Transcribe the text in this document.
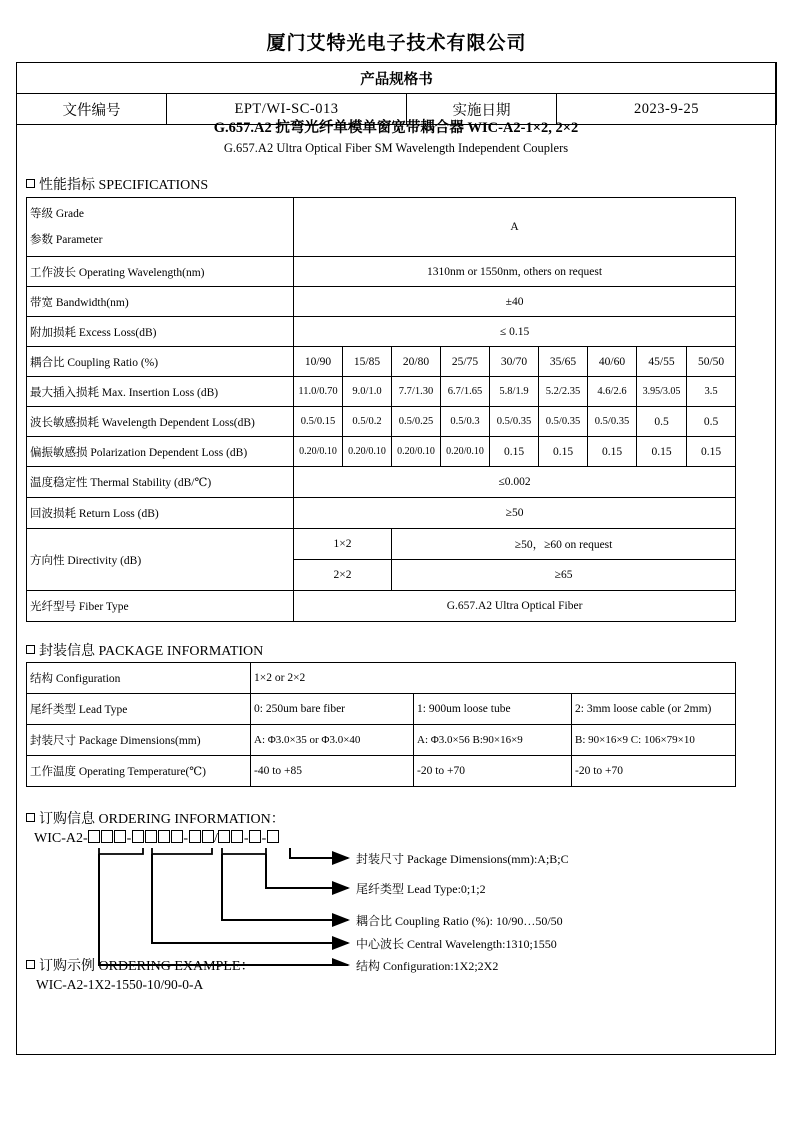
厦门艾特光电子技术有限公司
产品规格书
文件编号	EPT/WI-SC-013	实施日期	2023-9-25
G.657.A2 抗弯光纤单模单窗宽带耦合器 WIC-A2-1×2, 2×2
G.657.A2 Ultra Optical Fiber SM Wavelength Independent Couplers
性能指标 SPECIFICATIONS
等级 Grade
参数 Parameter	A								
工作波长 Operating Wavelength(nm)	1310nm or 1550nm, others on request								
带宽 Bandwidth(nm)	±40								
附加损耗 Excess Loss(dB)	≤ 0.15								
耦合比 Coupling Ratio (%)	10/90	15/85	20/80	25/75	30/70	35/65	40/60	45/55	50/50
最大插入损耗 Max. Insertion Loss (dB)	11.0/0.70	9.0/1.0	7.7/1.30	6.7/1.65	5.8/1.9	5.2/2.35	4.6/2.6	3.95/3.05	3.5
波长敏感损耗 Wavelength Dependent Loss(dB)	0.5/0.15	0.5/0.2	0.5/0.25	0.5/0.3	0.5/0.35	0.5/0.35	0.5/0.35	0.5	0.5
偏振敏感损 Polarization Dependent Loss (dB)	0.20/0.10	0.20/0.10	0.20/0.10	0.20/0.10	0.15	0.15	0.15	0.15	0.15
温度稳定性 Thermal Stability (dB/℃)	≤0.002								
回波损耗 Return Loss (dB)	≥50								
方向性 Directivity (dB)	1×2		≥50，≥60 on request						
	2×2		≥65						
光纤型号 Fiber Type	G.657.A2 Ultra Optical Fiber								
封装信息 PACKAGE INFORMATION
结构 Configuration	1×2 or 2×2		
尾纤类型 Lead Type	0: 250um bare fiber	1: 900um loose tube	2: 3mm loose cable (or 2mm)
封装尺寸 Package Dimensions(mm)	A: Φ3.0×35 or Φ3.0×40	A: Φ3.0×56 B:90×16×9	B: 90×16×9 C: 106×79×10
工作温度 Operating Temperature(℃)	-40 to +85	-20 to +70	-20 to +70
订购信息 ORDERING INFORMATION：
WIC-A2-	-	- / - -
封装尺寸 Package Dimensions(mm):A;B;C
尾纤类型 Lead Type:0;1;2
耦合比 Coupling Ratio (%): 10/90…50/50
中心波长 Central Wavelength:1310;1550
结构 Configuration:1X2;2X2
订购示例 ORDERING EXAMPLE：
WIC-A2-1X2-1550-10/90-0-A
